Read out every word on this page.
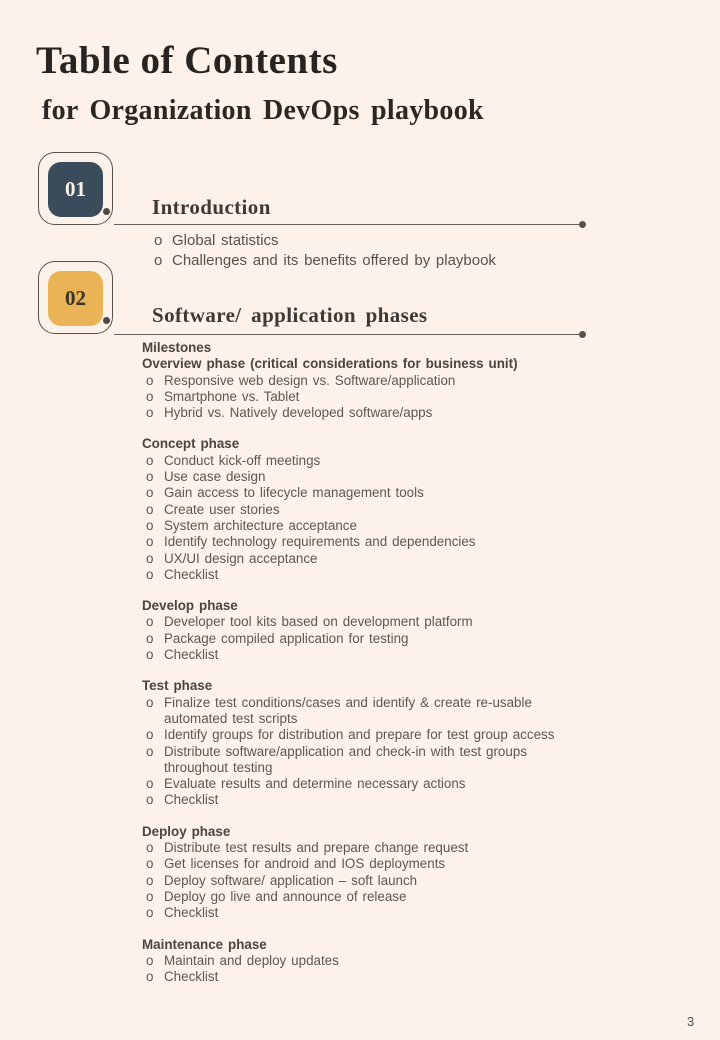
Table of Contents
for Organization DevOps playbook
01
Introduction
o Global statistics
o Challenges and its benefits offered by playbook
02
Software/ application phases
Milestones
Overview phase (critical considerations for business unit)
o Responsive web design vs. Software/application
o Smartphone vs. Tablet
o Hybrid vs. Natively developed software/apps
Concept phase
o Conduct kick-off meetings
o Use case design
o Gain access to lifecycle management tools
o Create user stories
o System architecture acceptance
o Identify technology requirements and dependencies
o UX/UI design acceptance
o Checklist
Develop phase
o Developer tool kits based on development platform
o Package compiled application for testing
o Checklist
Test phase
o Finalize test conditions/cases and identify & create re-usable automated test scripts
o Identify groups for distribution and prepare for test group access
o Distribute software/application and check-in with test groups throughout testing
o Evaluate results and determine necessary actions
o Checklist
Deploy phase
o Distribute test results and prepare change request
o Get licenses for android and IOS deployments
o Deploy software/ application – soft launch
o Deploy go live and announce of release
o Checklist
Maintenance phase
o Maintain and deploy updates
o Checklist
3
